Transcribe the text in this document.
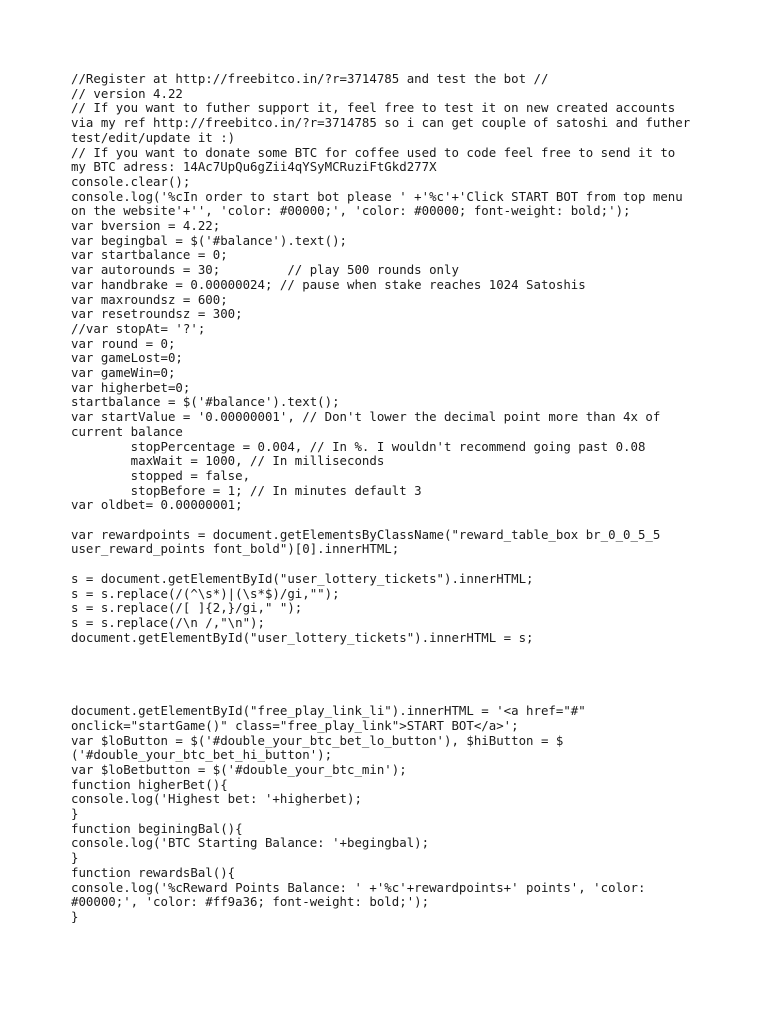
//Register at http://freebitco.in/?r=3714785 and test the bot //
// version 4.22
// If you want to futher support it, feel free to test it on new created accounts
via my ref http://freebitco.in/?r=3714785 so i can get couple of satoshi and futher
test/edit/update it :)
// If you want to donate some BTC for coffee used to code feel free to send it to
my BTC adress: 14Ac7UpQu6gZii4qYSyMCRuziFtGkd277X
console.clear();
console.log('%cIn order to start bot please ' +'%c'+'Click START BOT from top menu
on the website'+'', 'color: #00000;', 'color: #00000; font-weight: bold;');
var bversion = 4.22;
var begingbal = $('#balance').text();
var startbalance = 0;
var autorounds = 30;         // play 500 rounds only
var handbrake = 0.00000024; // pause when stake reaches 1024 Satoshis
var maxroundsz = 600;
var resetroundsz = 300;
//var stopAt= '?';
var round = 0;
var gameLost=0;
var gameWin=0;
var higherbet=0;
startbalance = $('#balance').text();
var startValue = '0.00000001', // Don't lower the decimal point more than 4x of
current balance
stopPercentage = 0.004, // In %. I wouldn't recommend going past 0.08
maxWait = 1000, // In milliseconds
stopped = false,
stopBefore = 1; // In minutes default 3
var oldbet= 0.00000001;
var rewardpoints = document.getElementsByClassName("reward_table_box br_0_0_5_5
user_reward_points font_bold")[0].innerHTML;
s = document.getElementById("user_lottery_tickets").innerHTML;
s = s.replace(/(^\s*)|(\s*$)/gi,"");
s = s.replace(/[ ]{2,}/gi," ");
s = s.replace(/\n /,"\n");
document.getElementById("user_lottery_tickets").innerHTML = s;
document.getElementById("free_play_link_li").innerHTML = '<a href="#"
onclick="startGame()" class="free_play_link">START BOT</a>';
var $loButton = $('#double_your_btc_bet_lo_button'), $hiButton = $
('#double_your_btc_bet_hi_button');
var $loBetbutton = $('#double_your_btc_min');
function higherBet(){
console.log('Highest bet: '+higherbet);
}
function beginingBal(){
console.log('BTC Starting Balance: '+begingbal);
}
function rewardsBal(){
console.log('%cReward Points Balance: ' +'%c'+rewardpoints+' points', 'color:
#00000;', 'color: #ff9a36; font-weight: bold;');
}
